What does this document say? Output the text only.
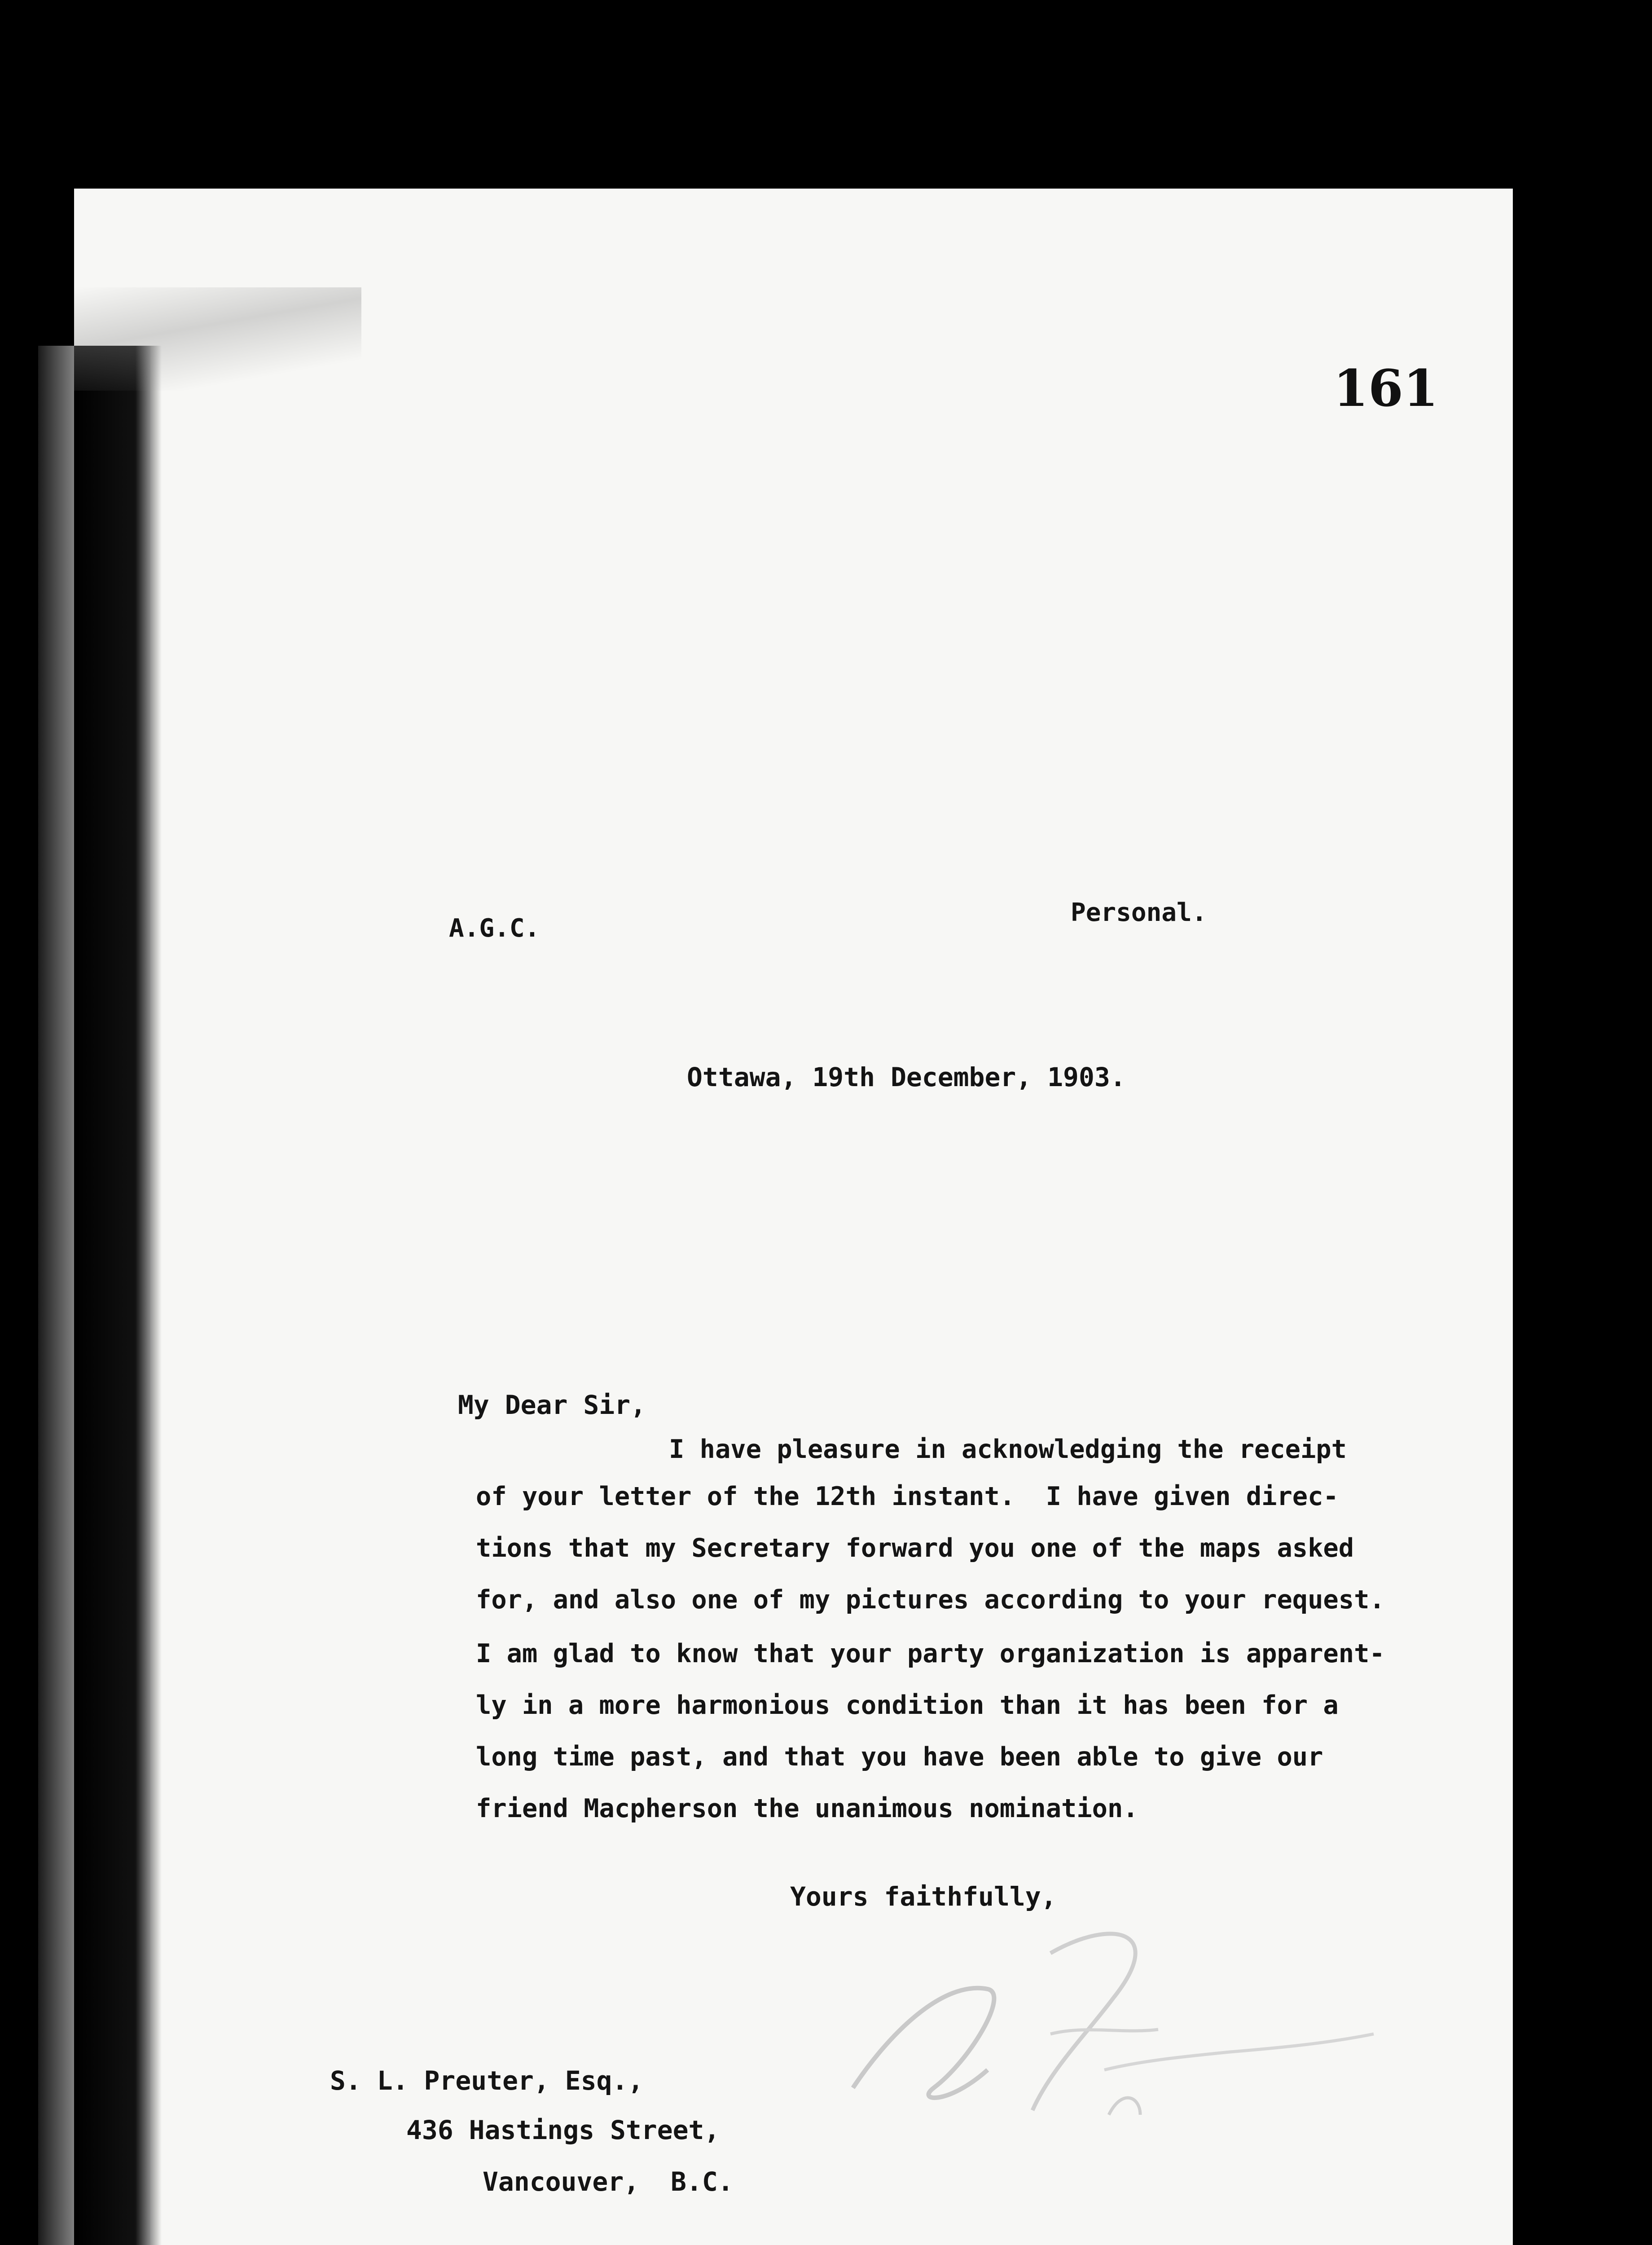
161

A.G.C.

Personal.

Ottawa, 19th December, 1903.

My Dear Sir,

I have pleasure in acknowledging the receipt

of your letter of the 12th instant.  I have given direc-

tions that my Secretary forward you one of the maps asked

for, and also one of my pictures according to your request.

I am glad to know that your party organization is apparent-

ly in a more harmonious condition than it has been for a

long time past, and that you have been able to give our

friend Macpherson the unanimous nomination.

Yours faithfully,

S. L. Preuter, Esq.,

436 Hastings Street,

Vancouver,  B.C.
